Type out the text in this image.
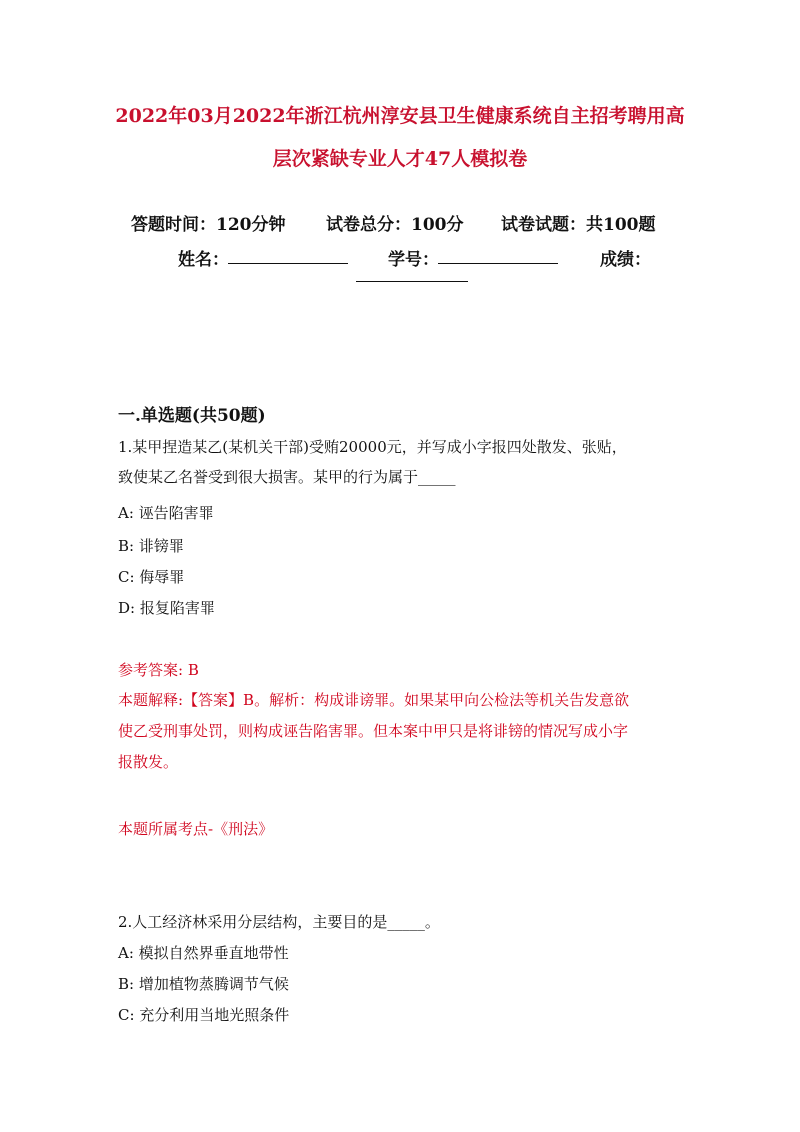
2022年03月2022年浙江杭州淳安县卫生健康系统自主招考聘用高
层次紧缺专业人才47人模拟卷
答题时间：120分钟 试卷总分：100分 试卷试题：共100题
姓名：	学号：	成绩：
一.单选题(共50题)
1.某甲捏造某乙(某机关干部)受贿20000元，并写成小字报四处散发、张贴，
致使某乙名誉受到很大损害。某甲的行为属于_____
A: 诬告陷害罪
B: 诽镑罪
C: 侮辱罪
D: 报复陷害罪
参考答案: B
本题解释:【答案】B。解析：构成诽谤罪。如果某甲向公检法等机关告发意欲
使乙受刑事处罚，则构成诬告陷害罪。但本案中甲只是将诽镑的情况写成小字
报散发。
本题所属考点-《刑法》
2.人工经济林采用分层结构，主要目的是_____。
A: 模拟自然界垂直地带性
B: 增加植物蒸腾调节气候
C: 充分利用当地光照条件
